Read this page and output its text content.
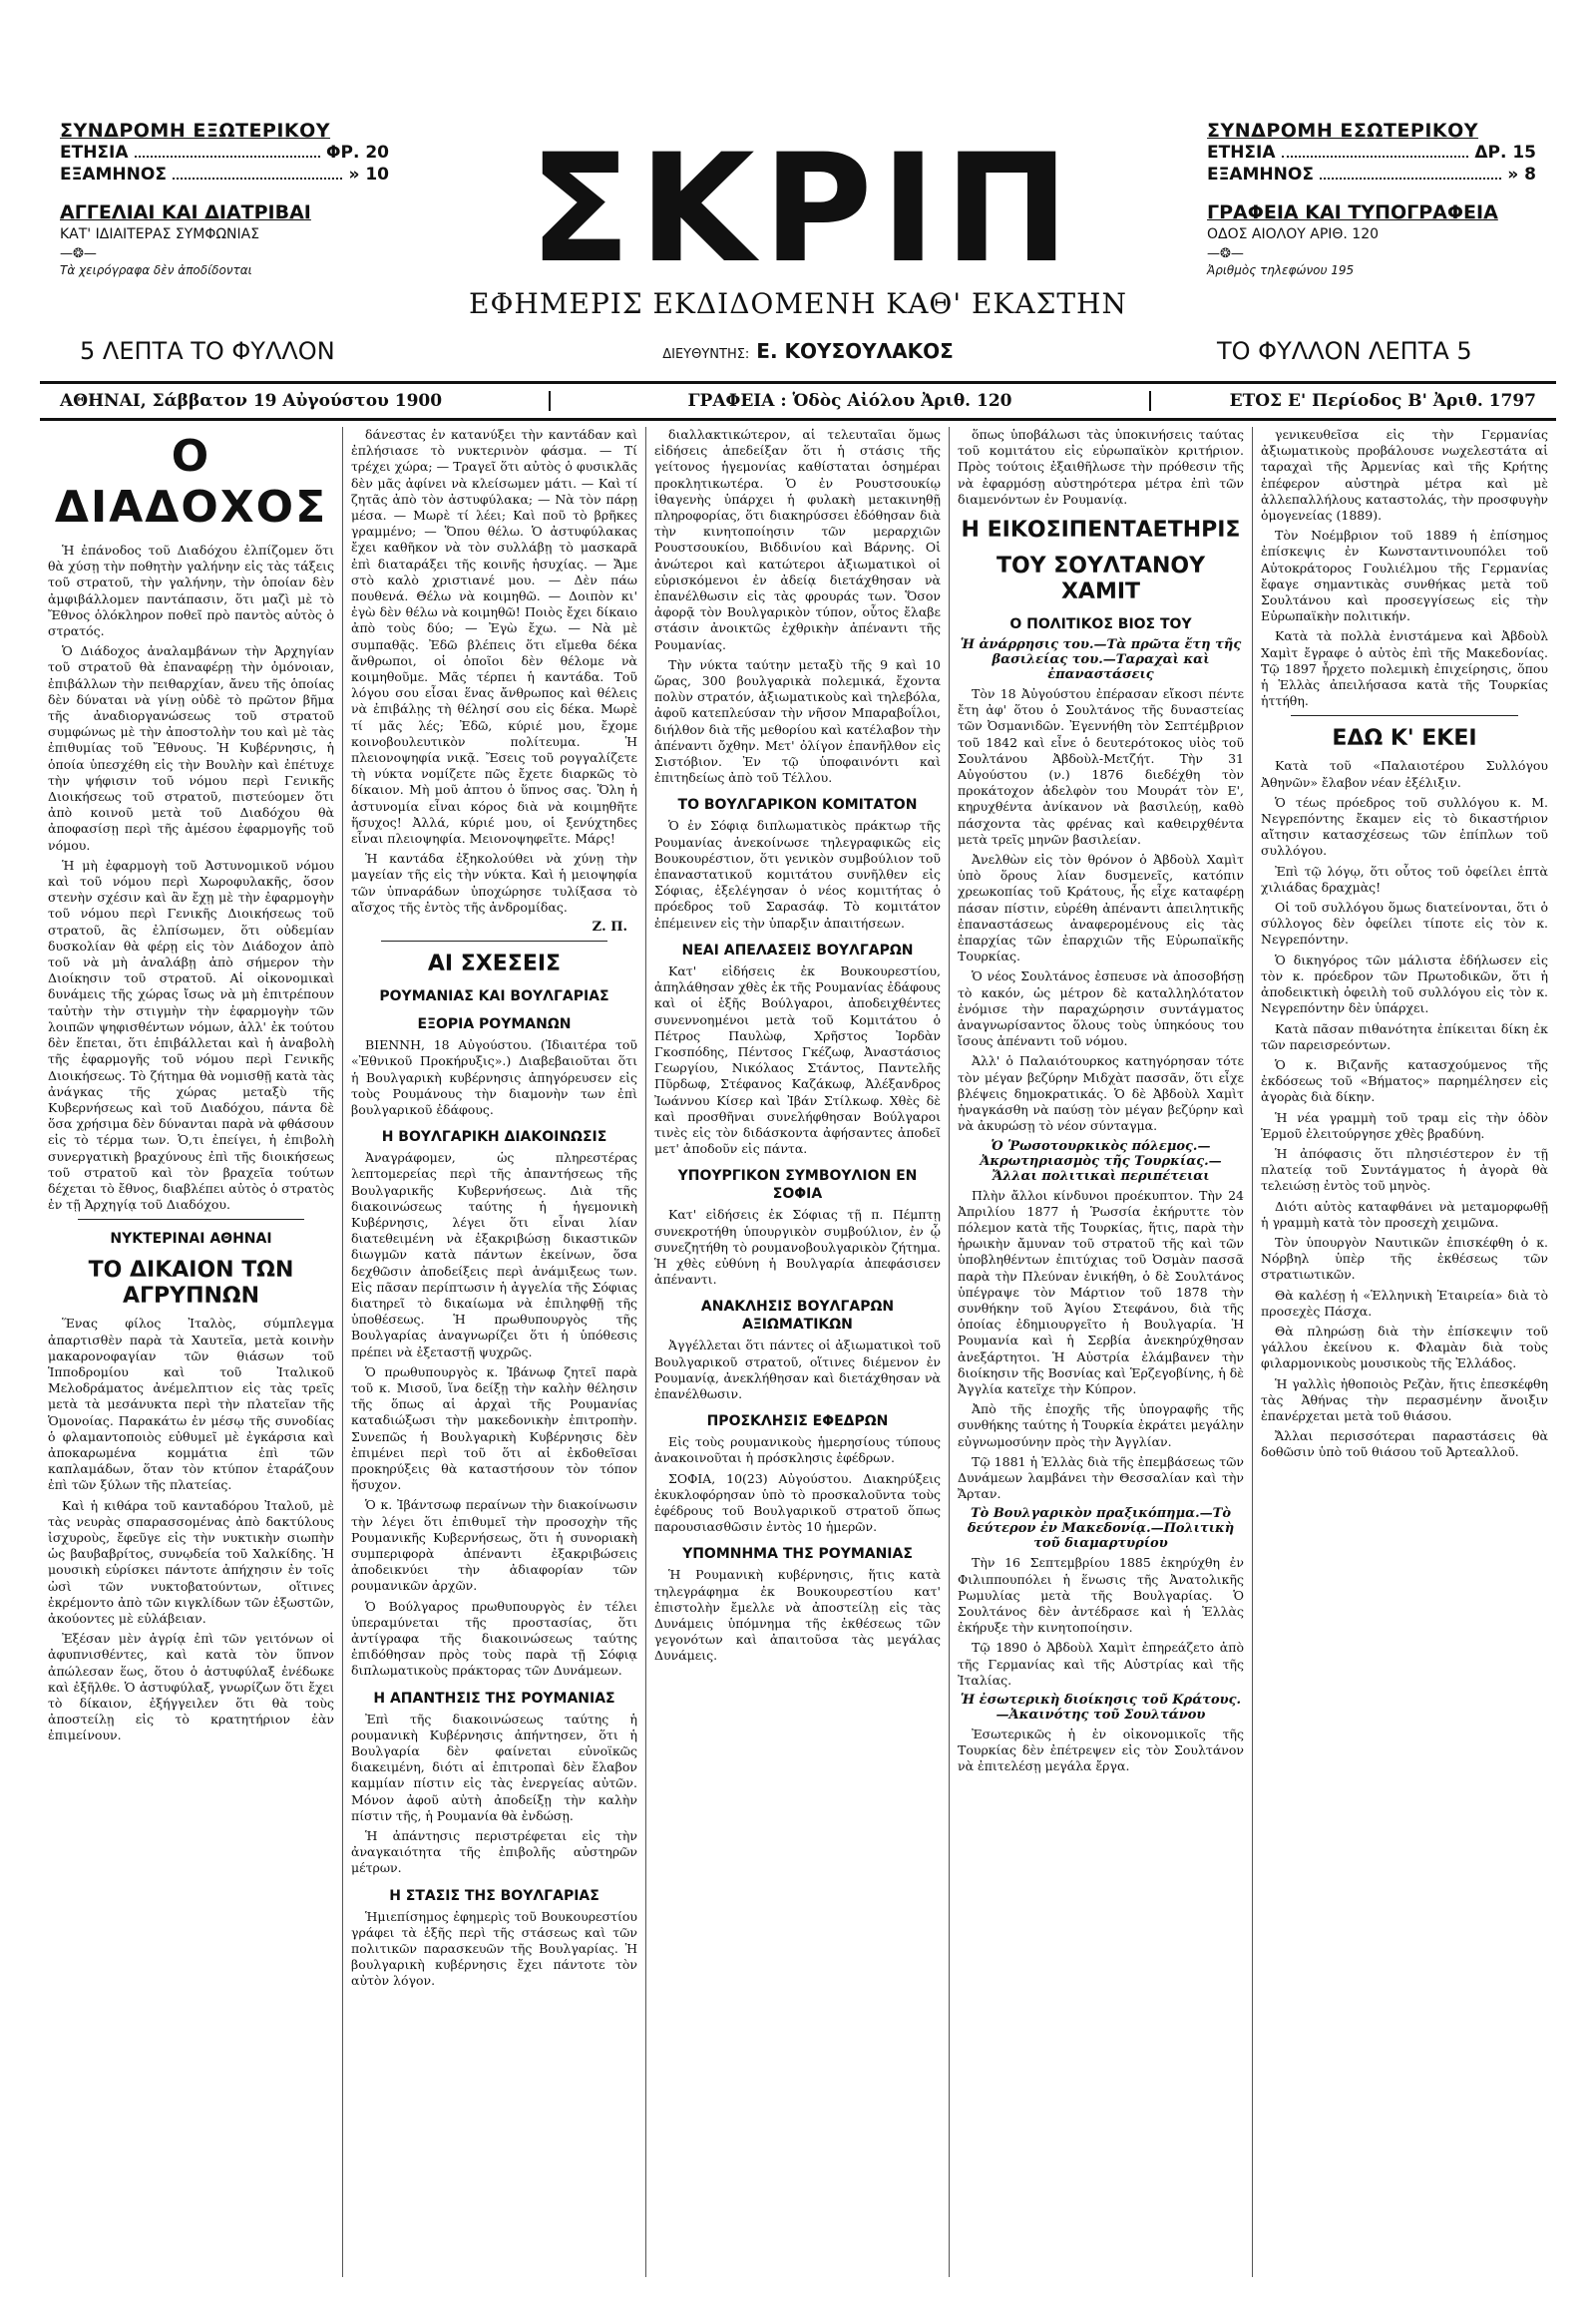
ΣΥΝΔΡΟΜΗ ΕΞΩΤΕΡΙΚΟΥ
ΕΤΗΣΙΑ	ΦΡ. 20
ΕΞΑΜΗΝΟΣ	» 10
ΑΓΓΕΛΙΑΙ ΚΑΙ ΔΙΑΤΡΙΒΑΙ
ΚΑΤ' ΙΔΙΑΙΤΕΡΑΣ ΣΥΜΦΩΝΙΑΣ
—❂—
Τὰ χειρόγραφα δὲν ἀποδίδονται	ΣΚΡΙΠ
ΕΦΗΜΕΡΙΣ ΕΚΔΙΔΟΜΕΝΗ ΚΑΘ' ΕΚΑΣΤΗΝ
ΣΥΝΔΡΟΜΗ ΕΣΩΤΕΡΙΚΟΥ
ΕΤΗΣΙΑ	ΔΡ. 15
ΕΞΑΜΗΝΟΣ	» 8
ΓΡΑΦΕΙΑ ΚΑΙ ΤΥΠΟΓΡΑΦΕΙΑ
ΟΔΟΣ ΑΙΟΛΟΥ ΑΡΙΘ. 120
—❂—
Ἀριθμὸς τηλεφώνου 195
5 ΛΕΠΤΑ ΤΟ ΦΥΛΛΟΝ	ΔΙΕΥΘΥΝΤΗΣ: Ε. ΚΟΥΣΟΥΛΑΚΟΣ	ΤΟ ΦΥΛΛΟΝ ΛΕΠΤΑ 5
ΑΘΗΝΑΙ, Σάββατον 19 Αὐγούστου 1900	ΓΡΑΦΕΙΑ : Ὁδὸς Αἰόλου Ἀριθ. 120	ΕΤΟΣ Ε' Περίοδος Β' Ἀριθ. 1797
Ο ΔΙΑΔΟΧΟΣ

Ἡ ἐπάνοδος τοῦ Διαδόχου ἐλπίζομεν ὅτι θὰ χύσῃ τὴν ποθητὴν γαλήνην εἰς τὰς τάξεις τοῦ στρατοῦ, τὴν γαλήνην, τὴν ὁποίαν δὲν ἀμφιβάλλομεν παντάπασιν, ὅτι μαζὶ μὲ τὸ Ἔθνος ὁλόκληρον ποθεῖ πρὸ παντὸς αὐτὸς ὁ στρατός.

Ὁ Διάδοχος ἀναλαμβάνων τὴν Ἀρχηγίαν τοῦ στρατοῦ θὰ ἐπαναφέρῃ τὴν ὁμόνοιαν, ἐπιβάλλων τὴν πειθαρχίαν, ἄνευ τῆς ὁποίας δὲν δύναται νὰ γίνῃ οὐδὲ τὸ πρῶτον βῆμα τῆς ἀναδιοργανώσεως τοῦ στρατοῦ συμφώνως μὲ τὴν ἀποστολὴν του καὶ μὲ τὰς ἐπιθυμίας τοῦ Ἔθνους. Ἡ Κυβέρνησις, ἡ ὁποία ὑπεσχέθη εἰς τὴν Βουλὴν καὶ ἐπέτυχε τὴν ψήφισιν τοῦ νόμου περὶ Γενικῆς Διοικήσεως τοῦ στρατοῦ, πιστεύομεν ὅτι ἀπὸ κοινοῦ μετὰ τοῦ Διαδόχου θὰ ἀποφασίσῃ περὶ τῆς ἀμέσου ἐφαρμογῆς τοῦ νόμου.

Ἡ μὴ ἐφαρμογὴ τοῦ Ἀστυνομικοῦ νόμου καὶ τοῦ νόμου περὶ Χωροφυλακῆς, ὅσον στενὴν σχέσιν καὶ ἂν ἔχῃ μὲ τὴν ἐφαρμογὴν τοῦ νόμου περὶ Γενικῆς Διοικήσεως τοῦ στρατοῦ, ἂς ἐλπίσωμεν, ὅτι οὐδεμίαν δυσκολίαν θὰ φέρῃ εἰς τὸν Διάδοχον ἀπὸ τοῦ νὰ μὴ ἀναλάβῃ ἀπὸ σήμερον τὴν Διοίκησιν τοῦ στρατοῦ. Αἱ οἰκονομικαὶ δυνάμεις τῆς χώρας ἴσως νὰ μὴ ἐπιτρέπουν ταὐτὴν τὴν στιγμὴν τὴν ἐφαρμογὴν τῶν λοιπῶν ψηφισθέντων νόμων, ἀλλ' ἐκ τούτου δὲν ἕπεται, ὅτι ἐπιβάλλεται καὶ ἡ ἀναβολὴ τῆς ἐφαρμογῆς τοῦ νόμου περὶ Γενικῆς Διοικήσεως. Τὸ ζήτημα θὰ νομισθῇ κατὰ τὰς ἀνάγκας τῆς χώρας μεταξὺ τῆς Κυβερνήσεως καὶ τοῦ Διαδόχου, πάντα δὲ ὅσα χρήσιμα δὲν δύνανται παρὰ νὰ φθάσουν εἰς τὸ τέρμα των. Ὁ,τι ἐπείγει, ἡ ἐπιβολὴ συνεργατικὴ βραχύνους ἐπὶ τῆς διοικήσεως τοῦ στρατοῦ καὶ τὸν βραχεῖα τούτων δέχεται τὸ ἔθνος, διαβλέπει αὐτὸς ὁ στρατὸς ἐν τῇ Ἀρχηγίᾳ τοῦ Διαδόχου.

ΝΥΚΤΕΡΙΝΑΙ ΑΘΗΝΑΙ
ΤΟ ΔΙΚΑΙΟΝ ΤΩΝ ΑΓΡΥΠΝΩΝ

Ἕνας φίλος Ἰταλὸς, σύμπλεγμα ἀπαρτισθὲν παρὰ τὰ Χαυτεῖα, μετὰ κοινὴν μακαρονοφαγίαν τῶν θιάσων τοῦ Ἱπποδρομίου καὶ τοῦ Ἰταλικοῦ Μελοδράματος ἀνέμελπτιον εἰς τὰς τρεῖς μετὰ τὰ μεσάνυκτα περὶ τὴν πλατεῖαν τῆς Ὁμονοίας. Παρακάτω ἐν μέσῳ τῆς συνοδίας ὁ φλαμαντοποιὸς εὐθυμεῖ μὲ ἐγκάρσια καὶ ἀποκαρωμένα κομμάτια ἐπὶ τῶν καπλαμάδων, ὅταν τὸν κτύπον ἐταράζουν ἐπὶ τῶν ξύλων τῆς πλατείας.

Καὶ ἡ κιθάρα τοῦ κανταδόρου Ἰταλοῦ, μὲ τὰς νευρὰς σπαρασσομένας ἀπὸ δακτύλους ἰσχυροὺς, ἔφεῦγε εἰς τὴν νυκτικὴν σιωπὴν ὡς βαυβαβρίτος, συνῳδεία τοῦ Χαλκίδης. Ἡ μουσικὴ εὑρίσκει πάντοτε ἀπήχησιν ἐν τοῖς ὠσὶ τῶν νυκτοβατούντων, οἵτινες ἐκρέμοντο ἀπὸ τῶν κιγκλίδων τῶν ἐξωστῶν, ἀκούοντες μὲ εὐλάβειαν.

Ἐξέσαν μὲν ἀγρίᾳ ἐπὶ τῶν γειτόνων οἱ ἀφυπνισθέντες, καὶ κατὰ τὸν ὕπνον ἀπώλεσαν ἕως, ὅτου ὁ ἀστυφύλαξ ἐνέδωκε καὶ ἐξῆλθε. Ὁ ἀστυφύλαξ, γνωρίζων ὅτι ἔχει τὸ δίκαιον, ἐξήγγειλεν ὅτι θὰ τοὺς ἀποστείλῃ εἰς τὸ κρατητήριον ἐὰν ἐπιμείνουν.

δάνεστας ἐν κατανύξει τὴν καντάδαν καὶ ἐπλήσιασε τὸ νυκτερινὸν φάσμα. — Τί τρέχει χώρα; — Τραγεῖ ὅτι αὐτὸς ὁ φυσικλᾶς δὲν μᾶς ἀφίνει νὰ κλείσωμεν μάτι. — Καὶ τί ζητᾶς ἀπὸ τὸν ἀστυφύλακα; — Νὰ τὸν πάρῃ μέσα. — Μωρὲ τί λέει; Καὶ ποῦ τὸ βρῆκες γραμμένο; — Ὅπου θέλω. Ὁ ἀστυφύλακας ἔχει καθῆκον νὰ τὸν συλλάβῃ τὸ μασκαρᾶ ἐπὶ διαταράξει τῆς κοινῆς ἡσυχίας. — Ἄμε στὸ καλὸ χριστιανέ μου. — Δὲν πάω πουθενά. Θέλω νὰ κοιμηθῶ. — Δοιπὸν κι' ἐγὼ δὲν θέλω νὰ κοιμηθῶ! Ποιὸς ἔχει δίκαιο ἀπὸ τοὺς δύο; — Ἐγὼ ἔχω. — Νὰ μὲ συμπαθᾷς. Ἐδῶ βλέπεις ὅτι εἴμεθα δέκα ἄνθρωποι, οἱ ὁποῖοι δὲν θέλομε νὰ κοιμηθοῦμε. Μᾶς τέρπει ἡ καντάδα. Τοῦ λόγου σου εἶσαι ἕνας ἄνθρωπος καὶ θέλεις νὰ ἐπιβάλῃς τὴ θέλησί σου εἰς δέκα. Μωρὲ τί μᾶς λές; Ἐδῶ, κύριέ μου, ἔχομε κοινοβουλευτικὸν πολίτευμα. Ἡ πλειονοψηφία νικᾷ. Ἔσεις τοῦ ρογγαλίζετε τὴ νύκτα νομίζετε πῶς ἔχετε διαρκῶς τὸ δίκαιον. Μὴ μοῦ ἀπτου ὁ ὕπνος σας. Ὅλη ἡ ἀστυνομία εἶναι κόρος διὰ νὰ κοιμηθῆτε ἥσυχος! Ἀλλά, κύριέ μου, οἱ ξενύχτηδες εἶναι πλειοψηφία. Μειονοψηφεῖτε. Μάρς!

Ἡ καντάδα ἐξηκολούθει νὰ χύνῃ τὴν μαγείαν τῆς εἰς τὴν νύκτα. Καὶ ἡ μειοψηφία τῶν ὑπναράδων ὑποχώρησε τυλίξασα τὸ αἴσχος τῆς ἐντὸς τῆς ἀνδρομίδας.

Ζ. Π.
ΑΙ ΣΧΕΣΕΙΣ
ΡΟΥΜΑΝΙΑΣ ΚΑΙ ΒΟΥΛΓΑΡΙΑΣ
ΕΞΟΡΙΑ ΡΟΥΜΑΝΩΝ

ΒΙΕΝΝΗ, 18 Αὐγούστου. (Ἰδιαιτέρα τοῦ «Ἐθνικοῦ Προκήρυξις».) Διαβεβαιοῦται ὅτι ἡ Βουλγαρικὴ κυβέρνησις ἀπηγόρευσεν εἰς τοὺς Ρουμάνους τὴν διαμονὴν των ἐπὶ βουλγαρικοῦ ἐδάφους.

Η ΒΟΥΛΓΑΡΙΚΗ ΔΙΑΚΟΙΝΩΣΙΣ

Ἀναγράφομεν, ὡς πληρεστέρας λεπτομερείας περὶ τῆς ἀπαντήσεως τῆς Βουλγαρικῆς Κυβερνήσεως. Διὰ τῆς διακοινώσεως ταύτης ἡ ἡγεμονικὴ Κυβέρνησις, λέγει ὅτι εἶναι λίαν διατεθειμένη νὰ ἐξακριβώσῃ δικαστικῶν διωγμῶν κατὰ πάντων ἐκείνων, ὅσα δεχθῶσιν ἀποδείξεις περὶ ἀνάμιξεως των. Εἰς πᾶσαν περίπτωσιν ἡ ἀγγελία τῆς Σόφιας διατηρεῖ τὸ δικαίωμα νὰ ἐπιληφθῇ τῆς ὑποθέσεως. Ἡ πρωθυπουργὸς τῆς Βουλγαρίας ἀναγνωρίζει ὅτι ἡ ὑπόθεσις πρέπει νὰ ἐξεταστῇ ψυχρῶς.

Ὁ πρωθυπουργὸς κ. Ἰβάνωφ ζητεῖ παρὰ τοῦ κ. Μισοῦ, ἵνα δείξῃ τὴν καλὴν θέλησιν τῆς ὅπως αἱ ἀρχαὶ τῆς Ρουμανίας καταδιώξωσι τὴν μακεδονικὴν ἐπιτροπὴν. Συνεπῶς ἡ Βουλγαρικὴ Κυβέρνησις δὲν ἐπιμένει περὶ τοῦ ὅτι αἱ ἐκδοθεῖσαι προκηρύξεις θὰ καταστήσουν τὸν τόπον ἥσυχον.

Ὁ κ. Ἰβάντσωφ περαίνων τὴν διακοίνωσιν τὴν λέγει ὅτι ἐπιθυμεῖ τὴν προσοχὴν τῆς Ρουμανικῆς Κυβερνήσεως, ὅτι ἡ συνοριακὴ συμπεριφορὰ ἀπέναντι ἐξακριβώσεις ἀποδεικνύει τὴν ἀδιαφορίαν τῶν ρουμανικῶν ἀρχῶν.

Ὁ Βούλγαρος πρωθυπουργὸς ἐν τέλει ὑπεραμύνεται τῆς προστασίας, ὅτι ἀντίγραφα τῆς διακοινώσεως ταύτης ἐπιδόθησαν πρὸς τοὺς παρὰ τῇ Σόφιᾳ διπλωματικοὺς πράκτορας τῶν Δυνάμεων.

Η ΑΠΑΝΤΗΣΙΣ ΤΗΣ ΡΟΥΜΑΝΙΑΣ

Ἐπὶ τῆς διακοινώσεως ταύτης ἡ ρουμανικὴ Κυβέρνησις ἀπήντησεν, ὅτι ἡ Βουλγαρία δὲν φαίνεται εὐνοϊκῶς διακειμένη, διότι αἱ ἐπιτροπαὶ δὲν ἔλαβον καμμίαν πίστιν εἰς τὰς ἐνεργείας αὐτῶν. Μόνον ἀφοῦ αὐτὴ ἀποδείξῃ τὴν καλὴν πίστιν τῆς, ἡ Ρουμανία θὰ ἐνδώσῃ.

Ἡ ἀπάντησις περιστρέφεται εἰς τὴν ἀναγκαιότητα τῆς ἐπιβολῆς αὐστηρῶν μέτρων.

Η ΣΤΑΣΙΣ ΤΗΣ ΒΟΥΛΓΑΡΙΑΣ

Ἡμιεπίσημος ἐφημερὶς τοῦ Βουκουρεστίου γράφει τὰ ἑξῆς περὶ τῆς στάσεως καὶ τῶν πολιτικῶν παρασκευῶν τῆς Βουλγαρίας. Ἡ βουλγαρικὴ κυβέρνησις ἔχει πάντοτε τὸν αὐτὸν λόγον.

διαλλακτικώτερον, αἱ τελευταῖαι ὅμως εἰδήσεις ἀπεδείξαν ὅτι ἡ στάσις τῆς γείτονος ἡγεμονίας καθίσταται ὁσημέραι προκλητικωτέρα. Ὁ ἐν Ρουστσουκίῳ ἰθαγενὴς ὑπάρχει ἡ φυλακὴ μετακινηθῇ πληροφορίας, ὅτι διακηρύσσει ἐδόθησαν διὰ τὴν κινητοποίησιν τῶν μεραρχιῶν Ρουστσουκίου, Βιδδινίου καὶ Βάρνης. Οἱ ἀνώτεροι καὶ κατώτεροι ἀξιωματικοὶ οἱ εὑρισκόμενοι ἐν ἀδείᾳ διετάχθησαν νὰ ἐπανέλθωσιν εἰς τὰς φρουράς των. Ὅσον ἀφορᾷ τὸν Βουλγαρικὸν τύπον, οὗτος ἔλαβε στάσιν ἀνοικτῶς ἐχθρικὴν ἀπέναντι τῆς Ρουμανίας.

Τὴν νύκτα ταύτην μεταξὺ τῆς 9 καὶ 10 ὥρας, 300 βουλγαρικὰ πολεμικά, ἔχοντα πολὺν στρατόν, ἀξιωματικοὺς καὶ τηλεβόλα, ἀφοῦ κατεπλεύσαν τὴν νῆσον Μπαραβοΐλοι, διήλθον διὰ τῆς μεθορίου καὶ κατέλαβον τὴν ἀπέναντι ὄχθην. Μετ' ὀλίγον ἐπανῆλθον εἰς Σιστόβιον. Ἐν τῷ ὑποφαινόντι καὶ ἐπιτηδείως ἀπὸ τοῦ Τέλλου.

ΤΟ ΒΟΥΛΓΑΡΙΚΟΝ ΚΟΜΙΤΑΤΟΝ

Ὁ ἐν Σόφιᾳ διπλωματικὸς πράκτωρ τῆς Ρουμανίας ἀνεκοίνωσε τηλεγραφικῶς εἰς Βουκουρέστιον, ὅτι γενικὸν συμβούλιον τοῦ ἐπαναστατικοῦ κομιτάτου συνῆλθεν εἰς Σόφιας, ἐξελέγησαν ὁ νέος κομιτήτας ὁ πρόεδρος τοῦ Σαρασάφ. Τὸ κομιτάτον ἐπέμεινεν εἰς τὴν ὑπαρξιν ἀπαιτήσεων.

ΝΕΑΙ ΑΠΕΛΑΣΕΙΣ ΒΟΥΛΓΑΡΩΝ

Κατ' εἰδήσεις ἐκ Βουκουρεστίου, ἀπηλάθησαν χθὲς ἐκ τῆς Ρουμανίας ἐδάφους καὶ οἱ ἑξῆς Βούλγαροι, ἀποδειχθέντες συνεννοημένοι μετὰ τοῦ Κομιτάτου ὁ Πέτρος Παυλὼφ, Χρῆστος Ἰορδὰν Γκοσπόδης, Πέντσος Γκέζωφ, Ἀναστάσιος Γεωργίου, Νικόλαος Στάντος, Παντελῆς Πῦρδωφ, Στέφανος Καζάκωφ, Ἀλέξανδρος Ἰωάννου Κίσερ καὶ Ἰβάν Στίλκωφ. Χθὲς δὲ καὶ προσθῆναι συνελήφθησαν Βούλγαροι τινὲς εἰς τὸν διδάσκοντα ἀφήσαντες ἀποδεῖ μετ' ἀποδοῦν εἰς πάντα.

ΥΠΟΥΡΓΙΚΟΝ ΣΥΜΒΟΥΛΙΟΝ ΕΝ ΣΟΦΙΑ

Κατ' εἰδήσεις ἐκ Σόφιας τῇ π. Πέμπτῃ συνεκροτήθη ὑπουργικὸν συμβούλιον, ἐν ᾧ συνεζητήθη τὸ ρουμανοβουλγαρικὸν ζήτημα. Ἡ χθὲς εὐθύνη ἡ Βουλγαρία ἀπεφάσισεν ἀπέναντι.

ΑΝΑΚΛΗΣΙΣ ΒΟΥΛΓΑΡΩΝ ΑΞΙΩΜΑΤΙΚΩΝ

Ἀγγέλλεται ὅτι πάντες οἱ ἀξιωματικοὶ τοῦ Βουλγαρικοῦ στρατοῦ, οἵτινες διέμενον ἐν Ρουμανίᾳ, ἀνεκλήθησαν καὶ διετάχθησαν νὰ ἐπανέλθωσιν.

ΠΡΟΣΚΛΗΣΙΣ ΕΦΕΔΡΩΝ

Εἰς τοὺς ρουμανικοὺς ἡμερησίους τύπους ἀνακοινοῦται ἡ πρόσκλησις ἐφέδρων.

ΣΟΦΙΑ, 10(23) Αὐγούστου. Διακηρύξεις ἐκυκλοφόρησαν ὑπὸ τὸ προσκαλοῦντα τοὺς ἐφέδρους τοῦ Βουλγαρικοῦ στρατοῦ ὅπως παρουσιασθῶσιν ἐντὸς 10 ἡμερῶν.

ΥΠΟΜΝΗΜΑ ΤΗΣ ΡΟΥΜΑΝΙΑΣ

Ἡ Ρουμανικὴ κυβέρνησις, ἥτις κατὰ τηλεγράφημα ἐκ Βουκουρεστίου κατ' ἐπιστολὴν ἔμελλε νὰ ἀποστείλῃ εἰς τὰς Δυνάμεις ὑπόμνημα τῆς ἐκθέσεως τῶν γεγονότων καὶ ἀπαιτοῦσα τὰς μεγάλας Δυνάμεις.

ὅπως ὑποβάλωσι τὰς ὑποκινήσεις ταύτας τοῦ κομιτάτου εἰς εὐρωπαϊκὸν κριτήριον. Πρὸς τούτοις ἐξαιθῆλωσε τὴν πρόθεσιν τῆς νὰ ἐφαρμόσῃ αὐστηρότερα μέτρα ἐπὶ τῶν διαμενόντων ἐν Ρουμανίᾳ.

Η ΕΙΚΟΣΙΠΕΝΤΑΕΤΗΡΙΣ
ΤΟΥ ΣΟΥΛΤΑΝΟΥ ΧΑΜΙΤ
Ο ΠΟΛΙΤΙΚΟΣ ΒΙΟΣ ΤΟΥ
Ἡ ἀνάρρησις του.—Τὰ πρῶτα ἔτη τῆς βασιλείας του.—Ταραχαὶ καὶ ἐπαναστάσεις

Τὸν 18 Ἀὐγούστου ἐπέρασαν εἴκοσι πέντε ἔτη ἀφ' ὅτου ὁ Σουλτάνος τῆς δυναστείας τῶν Ὀσμανιδῶν. Ἐγεννήθη τὸν Σεπτέμβριον τοῦ 1842 καὶ εἶνε ὁ δευτερότοκος υἱὸς τοῦ Σουλτάνου Ἀβδοὺλ-Μετζήτ. Τὴν 31 Αὐγούστου (ν.) 1876 διεδέχθη τὸν προκάτοχον ἀδελφὸν του Μουράτ τὸν Ε', κηρυχθέντα ἀνίκανον νὰ βασιλεύῃ, καθὸ πάσχοντα τὰς φρένας καὶ καθειρχθέντα μετὰ τρεῖς μηνῶν βασιλείαν.

Ἀνελθὼν εἰς τὸν θρόνον ὁ Ἀβδοὺλ Χαμὶτ ὑπὸ ὅρους λίαν δυσμενεῖς, κατόπιν χρεωκοπίας τοῦ Κράτους, ἧς εἶχε καταφέρῃ πάσαν πίστιν, εὑρέθη ἀπέναντι ἀπειλητικῆς ἐπαναστάσεως ἀναφερομένους εἰς τὰς ἐπαρχίας τῶν ἐπαρχιῶν τῆς Εὐρωπαϊκῆς Τουρκίας.

Ὁ νέος Σουλτάνος ἐσπευσε νὰ ἀποσοβήσῃ τὸ κακόν, ὡς μέτρον δὲ καταλληλότατον ἐνόμισε τὴν παραχώρησιν συντάγματος ἀναγνωρίσαντος ὅλους τοὺς ὑπηκόους του ἴσους ἀπέναντι τοῦ νόμου.

Ἀλλ' ὁ Παλαιότουρκος κατηγόρησαν τότε τὸν μέγαν βεζύρην Μιδχὰτ πασσᾶν, ὅτι εἶχε βλέψεις δημοκρατικάς. Ὁ δὲ Ἀβδοὺλ Χαμὶτ ἠναγκάσθη νὰ παύσῃ τὸν μέγαν βεζύρην καὶ νὰ ἀκυρώσῃ τὸ νέον σύνταγμα.

Ὁ Ῥωσοτουρκικὸς πόλεμος.—Ἀκρωτηριασμὸς τῆς Τουρκίας.—Ἄλλαι πολιτικαὶ περιπέτειαι

Πλὴν ἄλλοι κίνδυνοι προέκυπτον. Τὴν 24 Ἀπριλίου 1877 ἡ Ῥωσσία ἐκήρυττε τὸν πόλεμον κατὰ τῆς Τουρκίας, ἥτις, παρὰ τὴν ἡρωικὴν ἄμυναν τοῦ στρατοῦ τῆς καὶ τῶν ὑποβληθέντων ἐπιτύχιας τοῦ Ὀσμὰν πασσᾶ παρὰ τὴν Πλεύναν ἐνικήθη, ὁ δὲ Σουλτάνος ὑπέγραψε τὸν Μάρτιον τοῦ 1878 τὴν συνθήκην τοῦ Ἁγίου Στεφάνου, διὰ τῆς ὁποίας ἐδημιουργεῖτο ἡ Βουλγαρία. Ἡ Ρουμανία καὶ ἡ Σερβία ἀνεκηρύχθησαν ἀνεξάρτητοι. Ἡ Αὐστρία ἐλάμβανεν τὴν διοίκησιν τῆς Βοσνίας καὶ Ἑρζεγοβίνης, ἡ δὲ Ἀγγλία κατεῖχε τὴν Κύπρον.

Ἀπὸ τῆς ἐποχῆς τῆς ὑπογραφῆς τῆς συνθήκης ταύτης ἡ Τουρκία ἐκράτει μεγάλην εὐγνωμοσύνην πρὸς τὴν Ἀγγλίαν.

Τῷ 1881 ἡ Ἑλλὰς διὰ τῆς ἐπεμβάσεως τῶν Δυνάμεων λαμβάνει τὴν Θεσσαλίαν καὶ τὴν Ἄρταν.

Τὸ Βουλγαρικὸν πραξικόπημα.—Τὸ δεύτερον ἐν Μακεδονίᾳ.—Πολιτικὴ τοῦ διαμαρτυρίου

Τὴν 16 Σεπτεμβρίου 1885 ἐκηρύχθη ἐν Φιλιππουπόλει ἡ ἕνωσις τῆς Ἀνατολικῆς Ρωμυλίας μετὰ τῆς Βουλγαρίας. Ὁ Σουλτάνος δὲν ἀντέδρασε καὶ ἡ Ἑλλὰς ἐκήρυξε τὴν κινητοποίησιν.

Τῷ 1890 ὁ Ἀβδοὺλ Χαμὶτ ἐπηρεάζετο ἀπὸ τῆς Γερμανίας καὶ τῆς Αὐστρίας καὶ τῆς Ἰταλίας.

Ἡ ἐσωτερικὴ διοίκησις τοῦ Κράτους.—Ἀκαινότης τοῦ Σουλτάνου

Ἐσωτερικῶς ἡ ἐν οἰκονομικοῖς τῆς Τουρκίας δὲν ἐπέτρεψεν εἰς τὸν Σουλτάνον νὰ ἐπιτελέσῃ μεγάλα ἔργα.

γενικευθεῖσα εἰς τὴν Γερμανίας ἀξιωματικοὺς προβάλουσε νωχελεστάτα αἱ ταραχαὶ τῆς Ἀρμενίας καὶ τῆς Κρήτης ἐπέφερον αὐστηρὰ μέτρα καὶ μὲ ἀλλεπαλλήλους καταστολάς, τὴν προσφυγὴν ὁμογενείας (1889).

Τὸν Νοέμβριον τοῦ 1889 ἡ ἐπίσημος ἐπίσκεψις ἐν Κωνσταντινουπόλει τοῦ Αὐτοκράτορος Γουλιέλμου τῆς Γερμανίας ἔφαγε σημαντικὰς συνθήκας μετὰ τοῦ Σουλτάνου καὶ προσεγγίσεως εἰς τὴν Εὐρωπαϊκὴν πολιτικήν.

Κατὰ τὰ πολλὰ ἐνιστάμενα καὶ Ἀβδοὺλ Χαμὶτ ἔγραφε ὁ αὐτὸς ἐπὶ τῆς Μακεδονίας. Τῷ 1897 ἦρχετο πολεμικὴ ἐπιχείρησις, ὅπου ἡ Ἑλλὰς ἀπειλήσασα κατὰ τῆς Τουρκίας ἡττήθη.

ΕΔΩ Κ' ΕΚΕΙ

Κατὰ τοῦ «Παλαιοτέρου Συλλόγου Ἀθηνῶν» ἔλαβον νέαν ἐξέλιξιν.

Ὁ τέως πρόεδρος τοῦ συλλόγου κ. Μ. Νεγρεπόντης ἔκαμεν εἰς τὸ δικαστήριον αἴτησιν κατασχέσεως τῶν ἐπίπλων τοῦ συλλόγου.

Ἐπὶ τῷ λόγῳ, ὅτι οὗτος τοῦ ὀφείλει ἑπτὰ χιλιάδας δραχμὰς!

Οἱ τοῦ συλλόγου ὅμως διατείνονται, ὅτι ὁ σύλλογος δὲν ὀφείλει τίποτε εἰς τὸν κ. Νεγρεπόντην.

Ὁ δικηγόρος τῶν μάλιστα ἐδήλωσεν εἰς τὸν κ. πρόεδρον τῶν Πρωτοδικῶν, ὅτι ἡ ἀποδεικτικὴ ὀφειλὴ τοῦ συλλόγου εἰς τὸν κ. Νεγρεπόντην δὲν ὑπάρχει.

Κατὰ πᾶσαν πιθανότητα ἐπίκειται δίκη ἐκ τῶν παρεισρεόντων.

Ὁ κ. Βιζανῆς κατασχούμενος τῆς ἐκδόσεως τοῦ «Βήματος» παρημέλησεν εἰς ἀγορὰς διὰ δίκην.

Ἡ νέα γραμμὴ τοῦ τραμ εἰς τὴν ὁδὸν Ἑρμοῦ ἐλειτούργησε χθὲς βραδύνη.

Ἡ ἀπόφασις ὅτι πλησιέστερον ἐν τῇ πλατείᾳ τοῦ Συντάγματος ἡ ἀγορὰ θὰ τελειώσῃ ἐντὸς τοῦ μηνὸς.

Διότι αὐτὸς καταφθάνει νὰ μεταμορφωθῇ ἡ γραμμὴ κατὰ τὸν προσεχὴ χειμῶνα.

Τὸν ὑπουργὸν Ναυτικῶν ἐπισκέφθη ὁ κ. Νόρβηλ ὑπὲρ τῆς ἐκθέσεως τῶν στρατιωτικῶν.

Θὰ καλέσῃ ἡ «Ἑλληνικὴ Ἑταιρεία» διὰ τὸ προσεχὲς Πάσχα.

Θὰ πληρώσῃ διὰ τὴν ἐπίσκεψιν τοῦ γάλλου ἐκείνου κ. Φλαμὰν διὰ τοὺς φιλαρμονικοὺς μουσικοὺς τῆς Ἑλλάδος.

Ἡ γαλλὶς ἠθοποιὸς Ρεζὰν, ἥτις ἐπεσκέφθη τὰς Ἀθήνας τὴν περασμένην ἄνοιξιν ἐπανέρχεται μετὰ τοῦ θιάσου.

Ἄλλαι περισσότεραι παραστάσεις θὰ δοθῶσιν ὑπὸ τοῦ θιάσου τοῦ Ἀρτεαλλοῦ.
